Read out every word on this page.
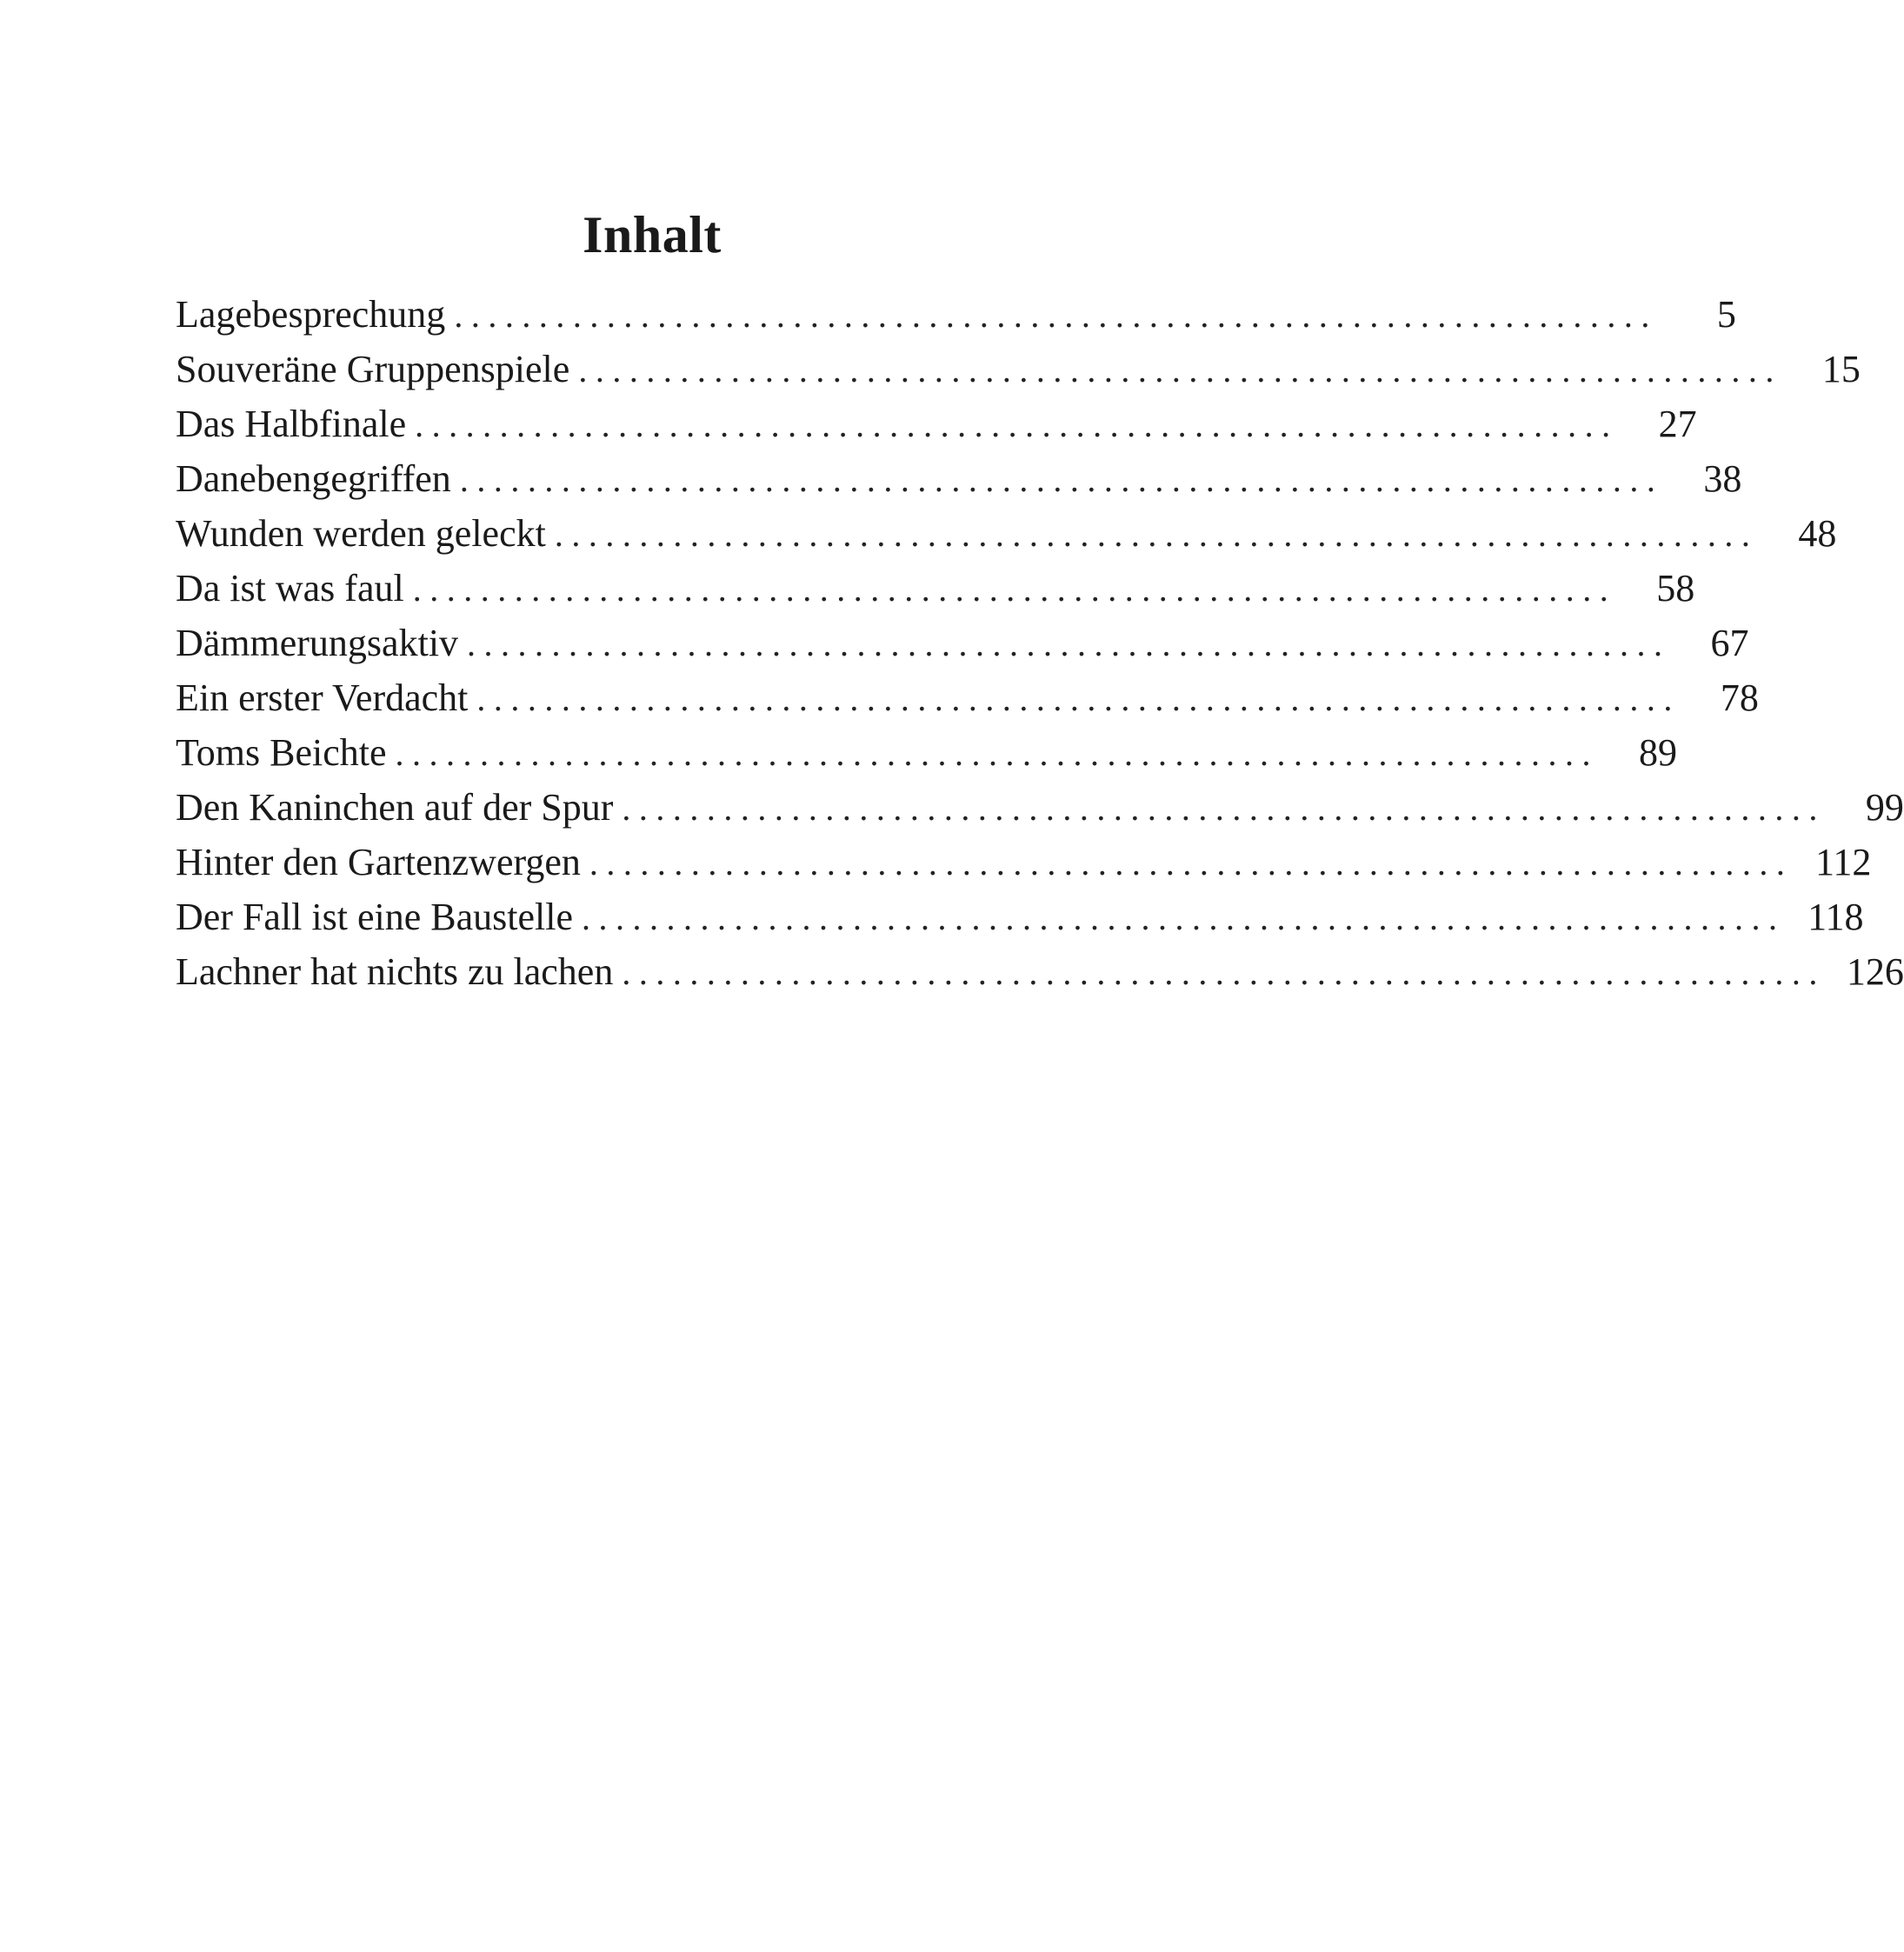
Inhalt
Lagebesprechung .......................................................................	5
Souveräne Gruppenspiele .......................................................................	15
Das Halbfinale .......................................................................	27
Danebengegriffen .......................................................................	38
Wunden werden geleckt .......................................................................	48
Da ist was faul .......................................................................	58
Dämmerungsaktiv .......................................................................	67
Ein erster Verdacht .......................................................................	78
Toms Beichte .......................................................................	89
Den Kaninchen auf der Spur .......................................................................	99
Hinter den Gartenzwergen ....................................................................... 112
Der Fall ist eine Baustelle ....................................................................... 118
Lachner hat nichts zu lachen ....................................................................... 126
